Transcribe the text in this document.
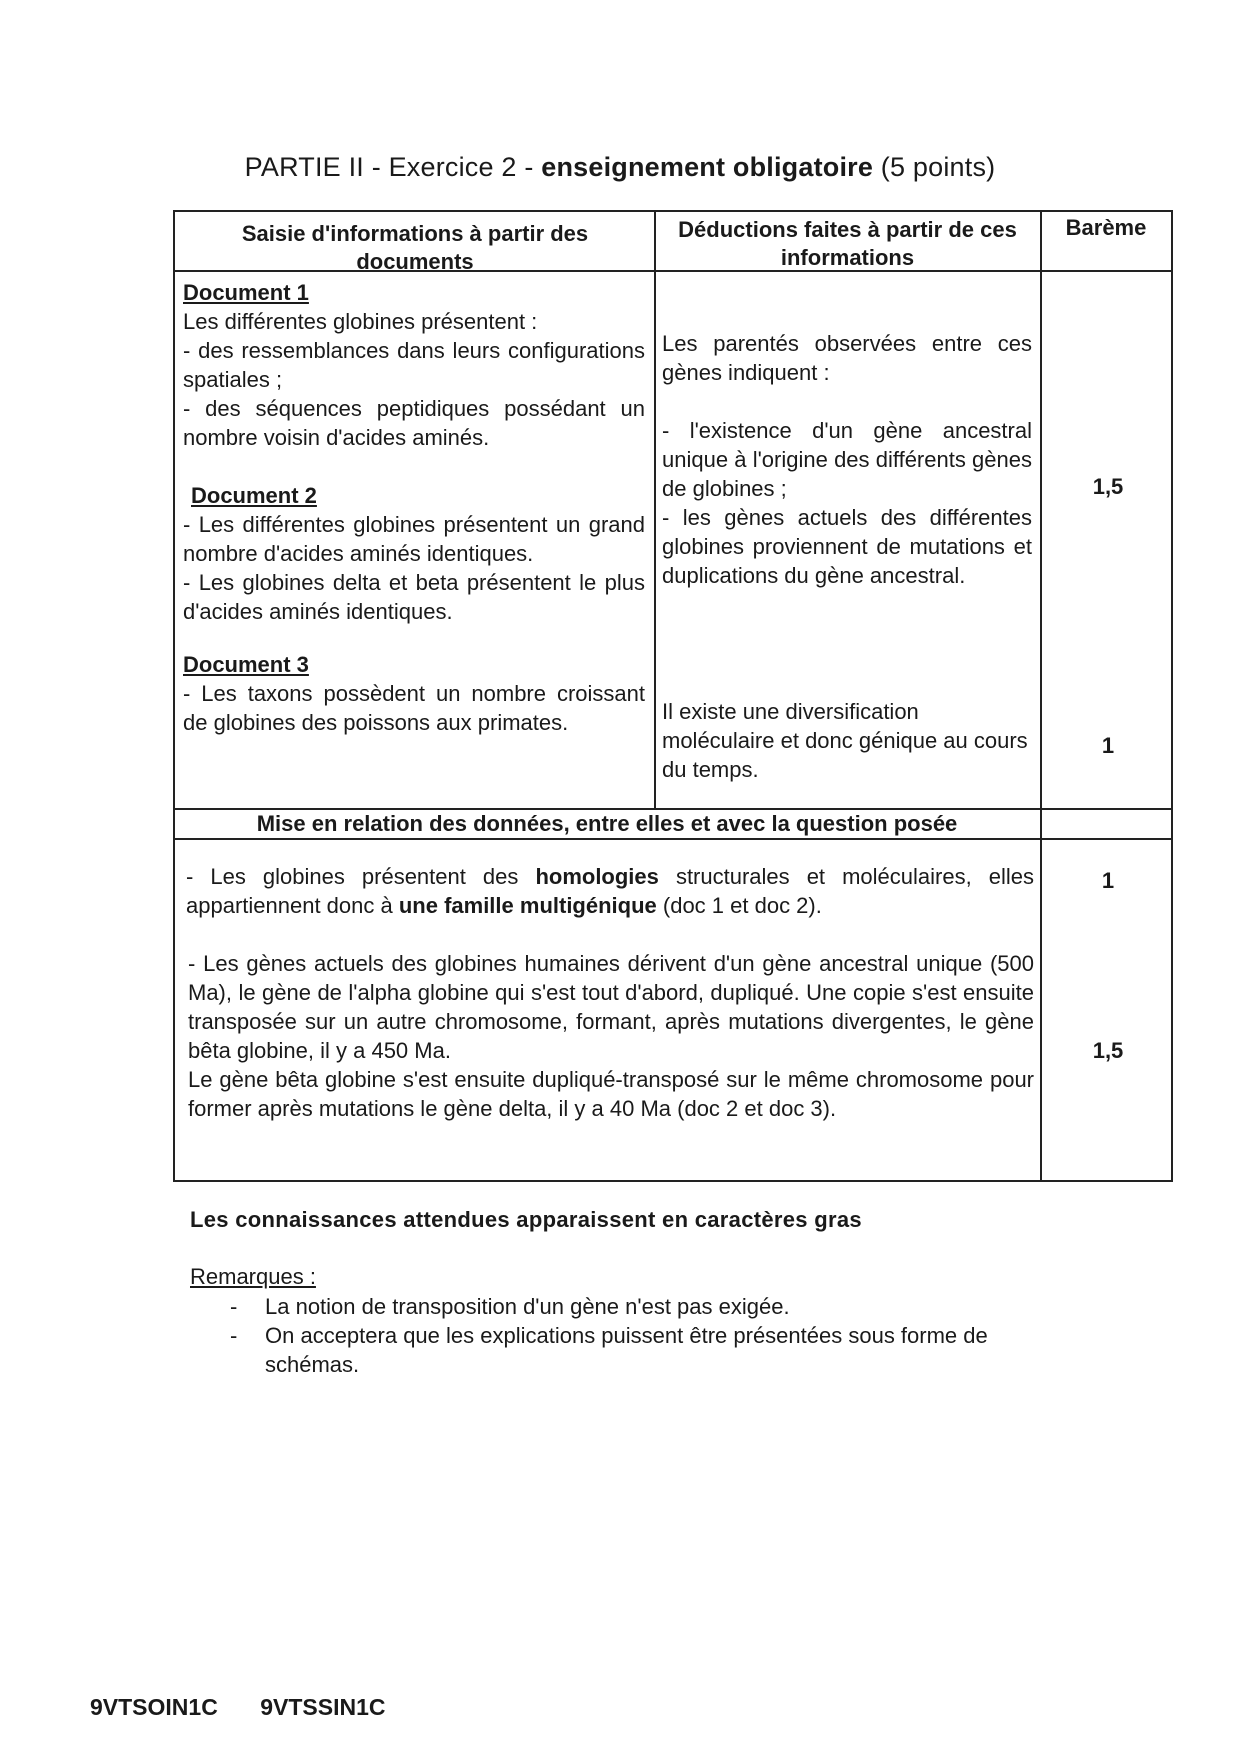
PARTIE II - Exercice 2 - enseignement obligatoire (5 points)
Saisie d'informations à partir des documents
Déductions faites à partir de ces informations
Barème
Document 1
Les différentes globines présentent :
- des ressemblances dans leurs configurations spatiales ;
- des séquences peptidiques possédant un nombre voisin d'acides aminés.
Document 2
- Les différentes globines présentent un grand nombre d'acides aminés identiques.
- Les globines delta et beta présentent le plus d'acides aminés identiques.
Document 3
- Les taxons possèdent un nombre croissant de globines des poissons aux primates.
Les parentés observées entre ces gènes indiquent :
- l'existence d'un gène ancestral unique à l'origine des différents gènes de globines ;
- les gènes actuels des différentes globines proviennent de mutations et duplications du gène ancestral.
Il existe une diversification moléculaire et donc génique au cours du temps.
1,5
1
Mise en relation des données, entre elles et avec la question posée
- Les globines présentent des homologies structurales et moléculaires, elles appartiennent donc à une famille multigénique (doc 1 et doc 2).
- Les gènes actuels des globines humaines dérivent d'un gène ancestral unique (500 Ma), le gène de l'alpha globine qui s'est tout d'abord, dupliqué. Une copie s'est ensuite transposée sur un autre chromosome, formant, après mutations divergentes, le gène bêta globine, il y a 450 Ma.
Le gène bêta globine s'est ensuite dupliqué-transposé sur le même chromosome pour former après mutations le gène delta, il y a 40 Ma (doc 2 et doc 3).
1
1,5
Les connaissances attendues apparaissent en caractères gras
Remarques :
- La notion de transposition d'un gène n'est pas exigée.
- On acceptera que les explications puissent être présentées sous forme de schémas.
9VTSOIN1C 9VTSSIN1C
